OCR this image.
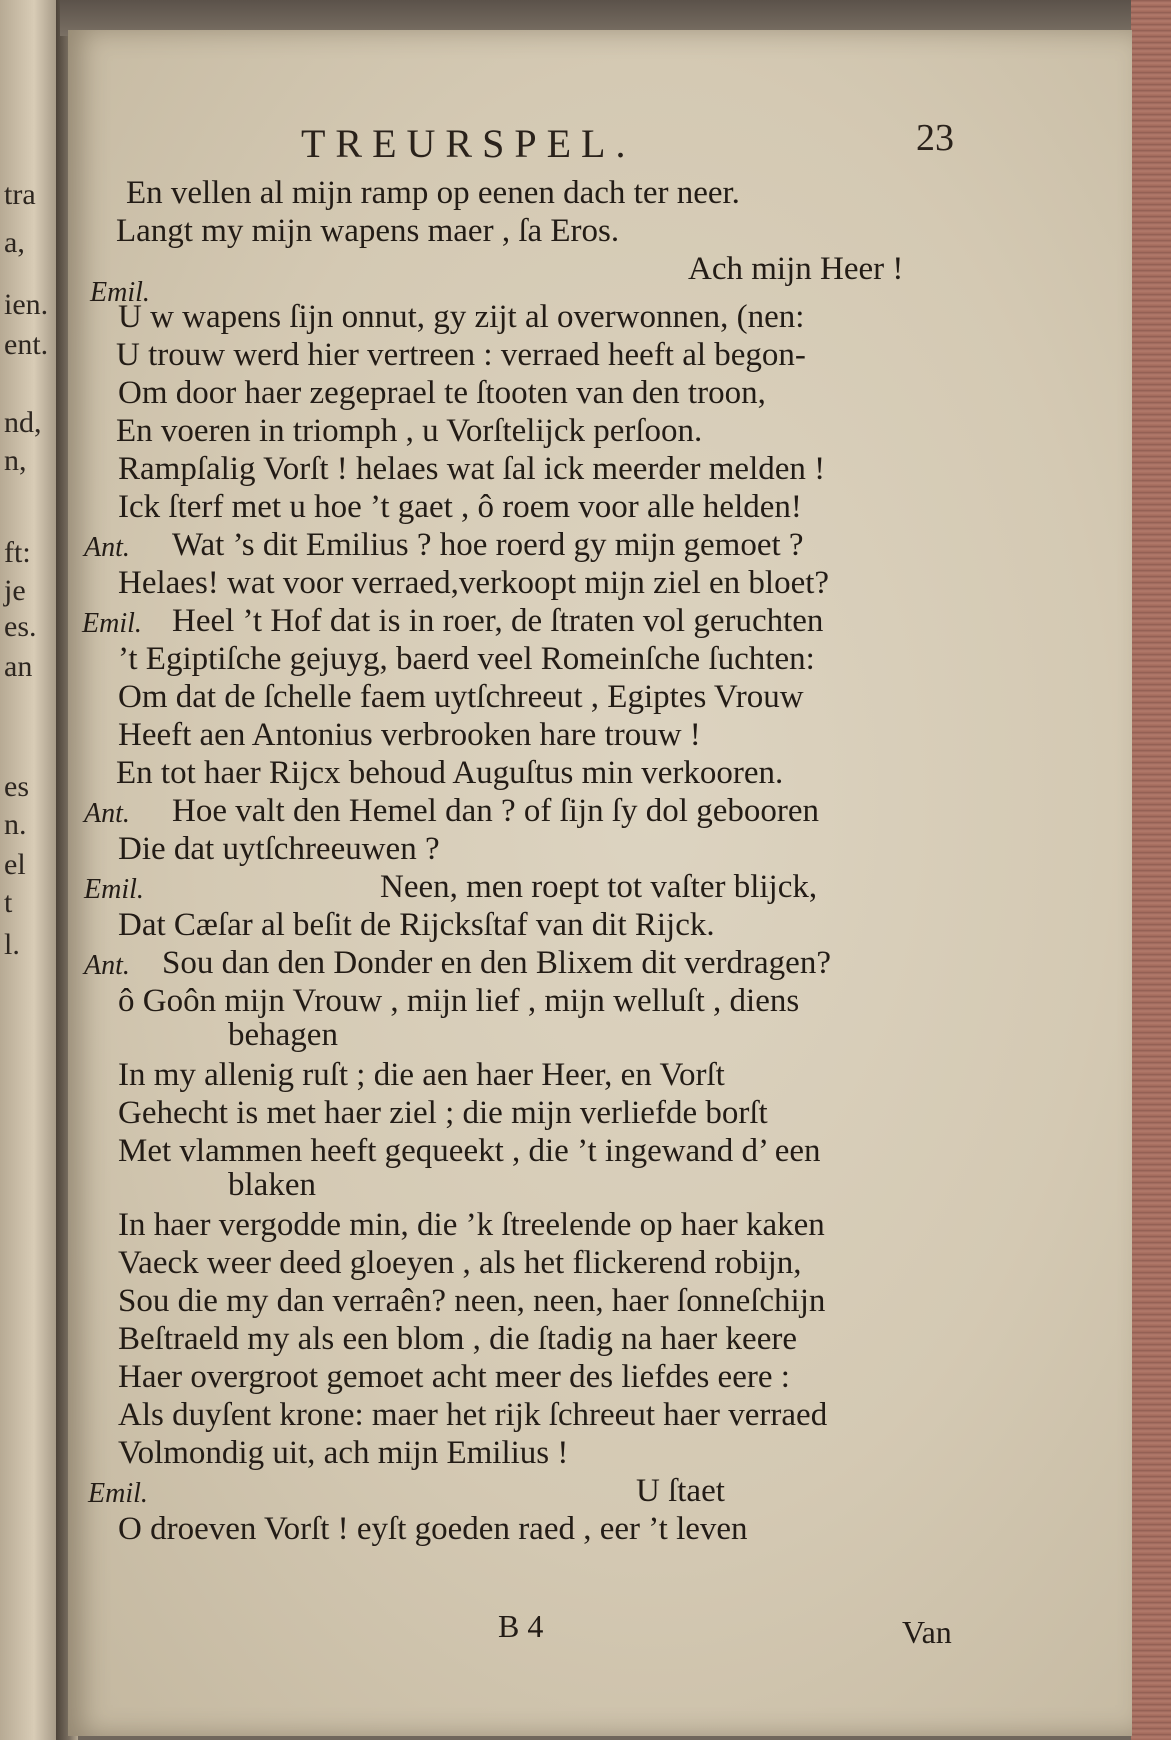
tra
a,
ien.
ent.
nd,
n,
ft:
je
es.
an
es
n.
el
t
l.
TREURSPEL.	23
En vellen al mijn ramp op eenen dach ter neer.
Langt my mijn wapens maer , ſa Eros.
Ach mijn Heer !
Emil.
U w wapens ſijn onnut, gy zijt al overwonnen, (nen:
U trouw werd hier vertreen : verraed heeft al begon-
Om door haer zegeprael te ſtooten van den troon,
En voeren in triomph , u Vorſtelijck perſoon.
Rampſalig Vorſt ! helaes wat ſal ick meerder melden !
Ick ſterf met u hoe ’t gaet , ô roem voor alle helden!
Ant. Wat ’s dit Emilius ? hoe roerd gy mijn gemoet ?
Helaes! wat voor verraed,verkoopt mijn ziel en bloet?
Emil. Heel ’t Hof dat is in roer, de ſtraten vol geruchten
’t Egiptiſche gejuyg, baerd veel Romeinſche ſuchten:
Om dat de ſchelle faem uytſchreeut , Egiptes Vrouw
Heeft aen Antonius verbrooken hare trouw !
En tot haer Rijcx behoud Auguſtus min verkooren.
Ant. Hoe valt den Hemel dan ? of ſijn ſy dol gebooren
Die dat uytſchreeuwen ?
Emil.	Neen, men roept tot vaſter blijck,
Dat Cæſar al beſit de Rijcksſtaf van dit Rijck.
Ant. Sou dan den Donder en den Blixem dit verdragen?
ô Goôn mijn Vrouw , mijn lief , mijn welluſt , diens
behagen
In my allenig ruſt ; die aen haer Heer, en Vorſt
Gehecht is met haer ziel ; die mijn verliefde borſt
Met vlammen heeft gequeekt , die ’t ingewand d’ een
blaken
In haer vergodde min, die ’k ſtreelende op haer kaken
Vaeck weer deed gloeyen , als het flickerend robijn,
Sou die my dan verraên? neen, neen, haer ſonneſchijn
Beſtraeld my als een blom , die ſtadig na haer keere
Haer overgroot gemoet acht meer des liefdes eere :
Als duyſent krone: maer het rijk ſchreeut haer verraed
Volmondig uit, ach mijn Emilius !
Emil.	U ſtaet
O droeven Vorſt ! eyſt goeden raed , eer ’t leven
B 4	Van
